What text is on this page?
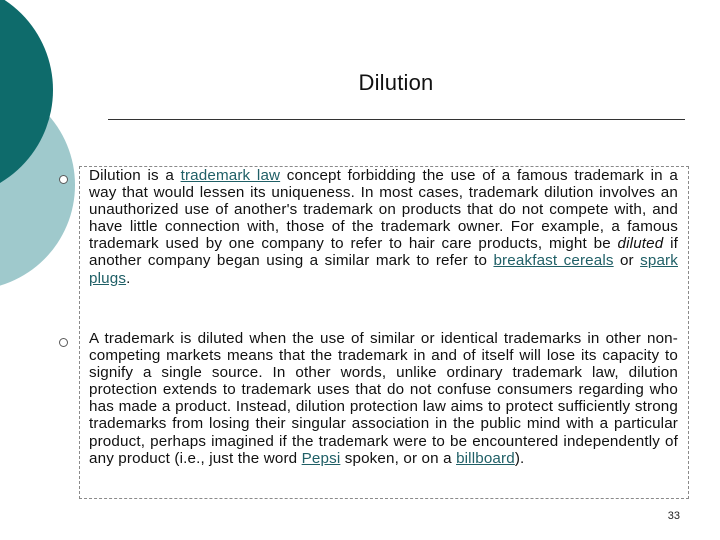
Dilution

Dilution is a trademark law concept forbidding the use of a famous trademark in a way that would lessen its uniqueness. In most cases, trademark dilution involves an unauthorized use of another's trademark on products that do not compete with, and have little connection with, those of the trademark owner. For example, a famous trademark used by one company to refer to hair care products, might be diluted if another company began using a similar mark to refer to breakfast cereals or spark plugs.

A trademark is diluted when the use of similar or identical trademarks in other non-competing markets means that the trademark in and of itself will lose its capacity to signify a single source. In other words, unlike ordinary trademark law, dilution protection extends to trademark uses that do not confuse consumers regarding who has made a product. Instead, dilution protection law aims to protect sufficiently strong trademarks from losing their singular association in the public mind with a particular product, perhaps imagined if the trademark were to be encountered independently of any product (i.e., just the word Pepsi spoken, or on a billboard).

33
